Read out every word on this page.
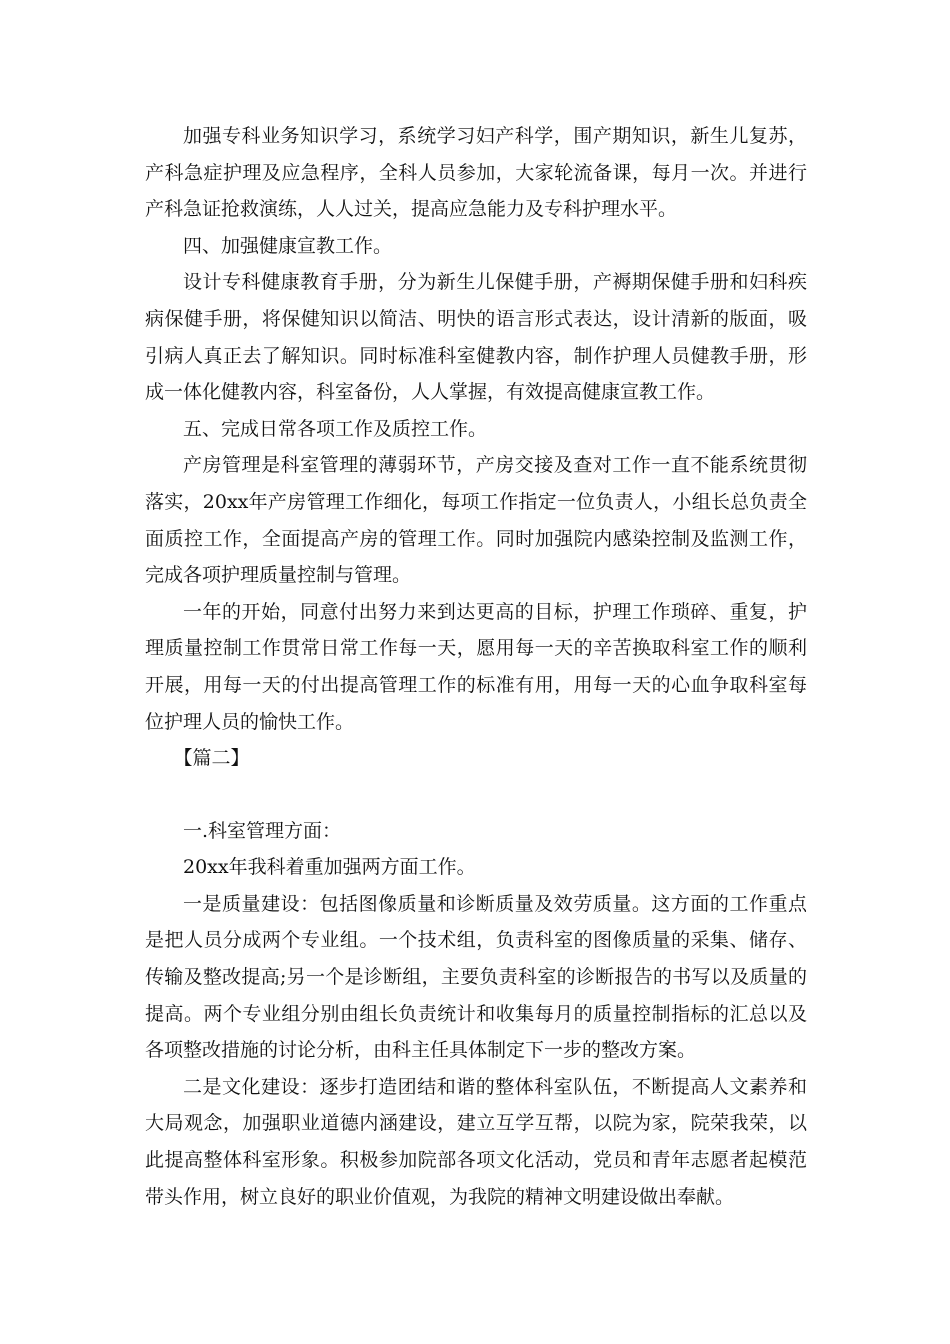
加强专科业务知识学习，系统学习妇产科学，围产期知识，新生儿复苏，产科急症护理及应急程序，全科人员参加，大家轮流备课，每月一次。并进行产科急证抢救演练，人人过关，提高应急能力及专科护理水平。

四、加强健康宣教工作。

设计专科健康教育手册，分为新生儿保健手册，产褥期保健手册和妇科疾病保健手册，将保健知识以简洁、明快的语言形式表达，设计清新的版面，吸引病人真正去了解知识。同时标准科室健教内容，制作护理人员健教手册，形成一体化健教内容，科室备份，人人掌握，有效提高健康宣教工作。

五、完成日常各项工作及质控工作。

产房管理是科室管理的薄弱环节，产房交接及查对工作一直不能系统贯彻落实，20xx年产房管理工作细化，每项工作指定一位负责人，小组长总负责全面质控工作，全面提高产房的管理工作。同时加强院内感染控制及监测工作，完成各项护理质量控制与管理。

一年的开始，同意付出努力来到达更高的目标，护理工作琐碎、重复，护理质量控制工作贯常日常工作每一天，愿用每一天的辛苦换取科室工作的顺利开展，用每一天的付出提高管理工作的标准有用，用每一天的心血争取科室每位护理人员的愉快工作。

【篇二】

一.科室管理方面：

20xx年我科着重加强两方面工作。

一是质量建设：包括图像质量和诊断质量及效劳质量。这方面的工作重点是把人员分成两个专业组。一个技术组，负责科室的图像质量的采集、储存、传输及整改提高;另一个是诊断组，主要负责科室的诊断报告的书写以及质量的提高。两个专业组分别由组长负责统计和收集每月的质量控制指标的汇总以及各项整改措施的讨论分析，由科主任具体制定下一步的整改方案。

二是文化建设：逐步打造团结和谐的整体科室队伍，不断提高人文素养和大局观念，加强职业道德内涵建设，建立互学互帮，以院为家，院荣我荣，以此提高整体科室形象。积极参加院部各项文化活动，党员和青年志愿者起模范带头作用，树立良好的职业价值观，为我院的精神文明建设做出奉献。
